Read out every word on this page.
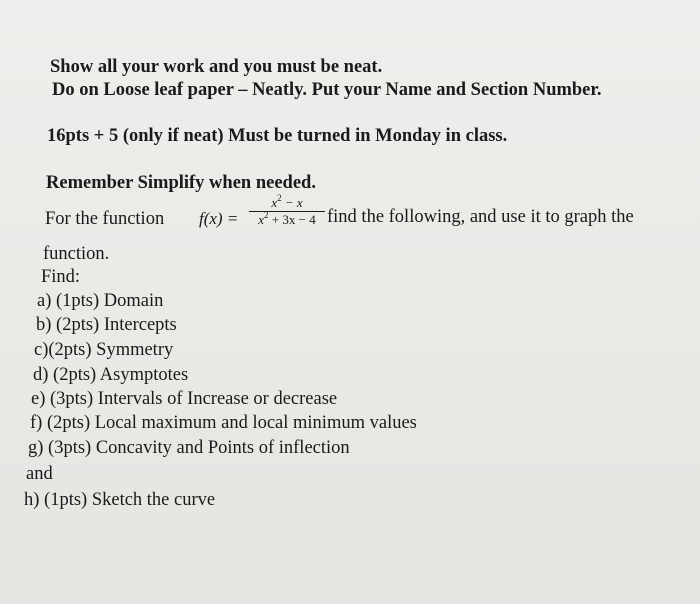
Show all your work and you must be neat.
Do on Loose leaf paper – Neatly. Put your Name and Section Number.
16pts + 5 (only if neat) Must be turned in Monday in class.
Remember Simplify when needed.
For the function f(x) =
$x^2 - x$
$x^2 + 3x - 4$ find the following, and use it to graph the
function.
Find:
a) (1pts) Domain
b) (2pts) Intercepts
c)(2pts) Symmetry
d) (2pts) Asymptotes
e) (3pts) Intervals of Increase or decrease
f) (2pts) Local maximum and local minimum values
g) (3pts) Concavity and Points of inflection
and
h) (1pts) Sketch the curve
